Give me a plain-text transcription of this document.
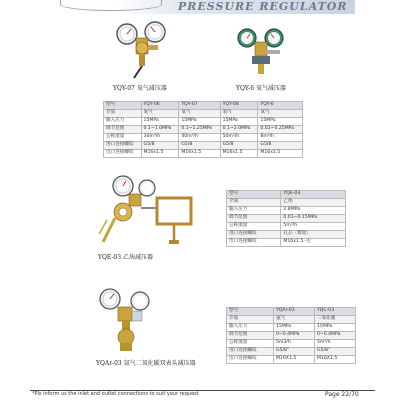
PRESSURE REGULATOR
YQY-07 氧气减压器	YQY-6 氧气减压器
型号	YQY-06	YQY-07	YQY-08	YQY-6
介质	氧气	氧气	氧气	氧气
输入压力	15MPa	15MPa	15MPa	15MPa
调节范围	0.1~1.0MPa	0.1~1.25MPa	0.1~2.0MPa	0.02~0.25MPa
公称流量	30m³/h	40m³/h	50m³/h	8m³/h
进口连接螺纹	G5/8	G5/8	G5/8	G5/8
出口连接螺纹	M16x1.5	M16x1.5	M16x1.5	M16x1.5
YQE-03 乙炔减压器
型号	YQE-03
介质	乙炔
输入压力	2.8MPa
调节范围	0.01~0.15MPa
公称流量	5m³/h
进口连接螺纹	孔芯（框架）
出口连接螺纹	M16x1.5 -左
YQAr-03 氩气二氧化碳双表头减压器
型号	YQAr-03	YQC-03
介质	氩气	二氧化碳
输入压力	15MPa	15MPa
调节范围	0~0.4MPa	0~0.4MPa
公称流量	5m3/h	5m³/h
进口连接螺纹	G5/8"	G5/8"
出口连接螺纹	M16X1.5	M16X1.5
*Pls inform us the inlet and outlet connections to suit your request	Page 22/70
